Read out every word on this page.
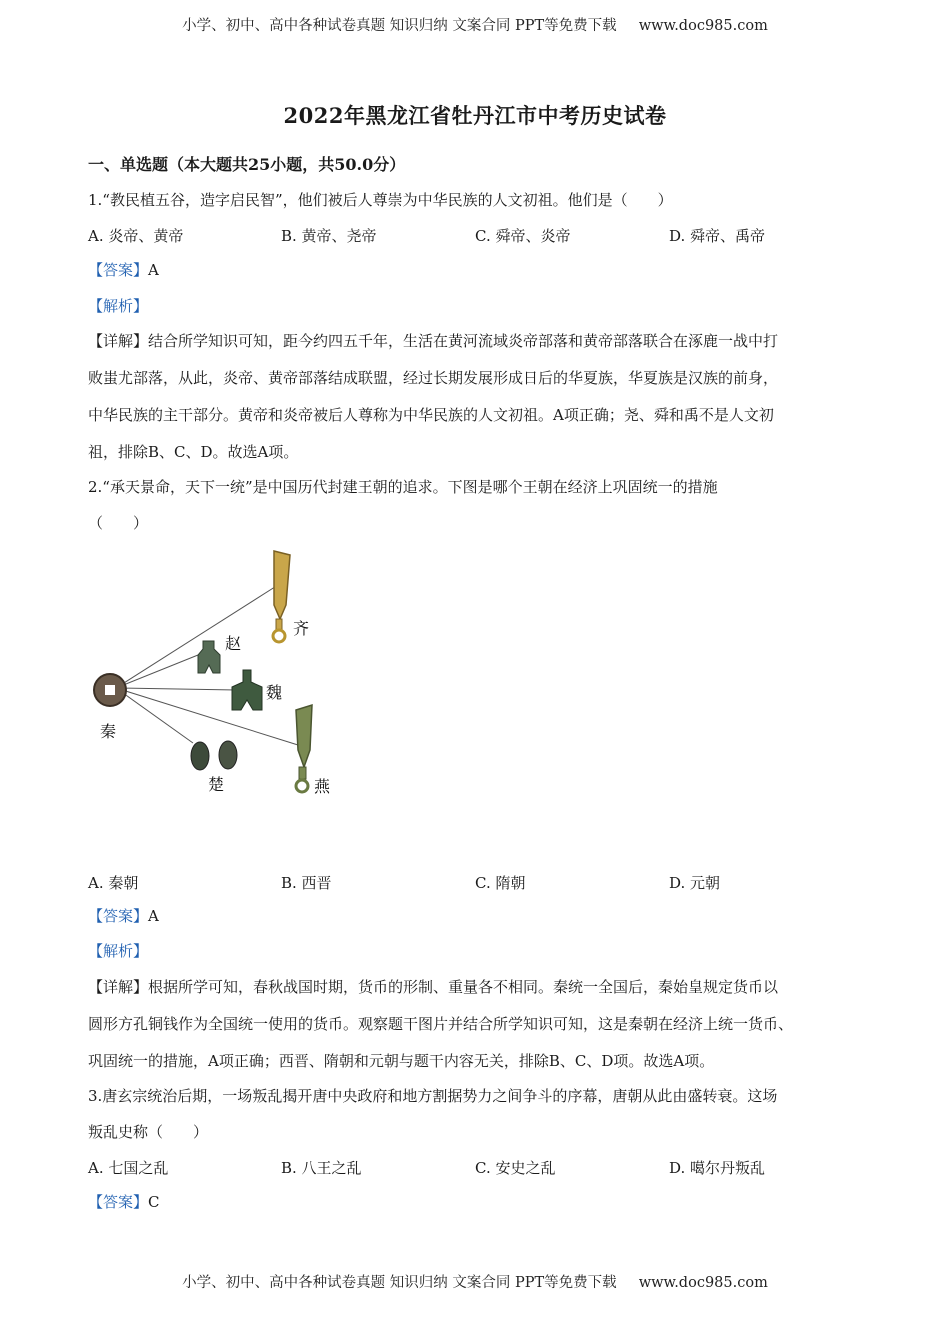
小学、初中、高中各种试卷真题 知识归纳 文案合同 PPT等免费下载 www.doc985.com
2022年黑龙江省牡丹江市中考历史试卷
一、单选题（本大题共25小题，共50.0分）
1.“教民植五谷，造字启民智”，他们被后人尊崇为中华民族的人文初祖。他们是（　　）
A. 炎帝、黄帝	B. 黄帝、尧帝	C. 舜帝、炎帝	D. 舜帝、禹帝
【答案】A
【解析】
【详解】结合所学知识可知，距今约四五千年，生活在黄河流域炎帝部落和黄帝部落联合在涿鹿一战中打
败蚩尤部落，从此，炎帝、黄帝部落结成联盟，经过长期发展形成日后的华夏族，华夏族是汉族的前身，
中华民族的主干部分。黄帝和炎帝被后人尊称为中华民族的人文初祖。A项正确；尧、舜和禹不是人文初
祖，排除B、C、D。故选A项。
2.“承天景命，天下一统”是中国历代封建王朝的追求。下图是哪个王朝在经济上巩固统一的措施
（　　）
齐
赵
魏
秦
楚	燕
A. 秦朝	B. 西晋	C. 隋朝	D. 元朝
【答案】A
【解析】
【详解】根据所学可知，春秋战国时期，货币的形制、重量各不相同。秦统一全国后，秦始皇规定货币以
圆形方孔铜钱作为全国统一使用的货币。观察题干图片并结合所学知识可知，这是秦朝在经济上统一货币、
巩固统一的措施，A项正确；西晋、隋朝和元朝与题干内容无关，排除B、C、D项。故选A项。
3.唐玄宗统治后期，一场叛乱揭开唐中央政府和地方割据势力之间争斗的序幕，唐朝从此由盛转衰。这场
叛乱史称（　　）
A. 七国之乱	B. 八王之乱	C. 安史之乱	D. 噶尔丹叛乱
【答案】C
小学、初中、高中各种试卷真题 知识归纳 文案合同 PPT等免费下载 www.doc985.com
